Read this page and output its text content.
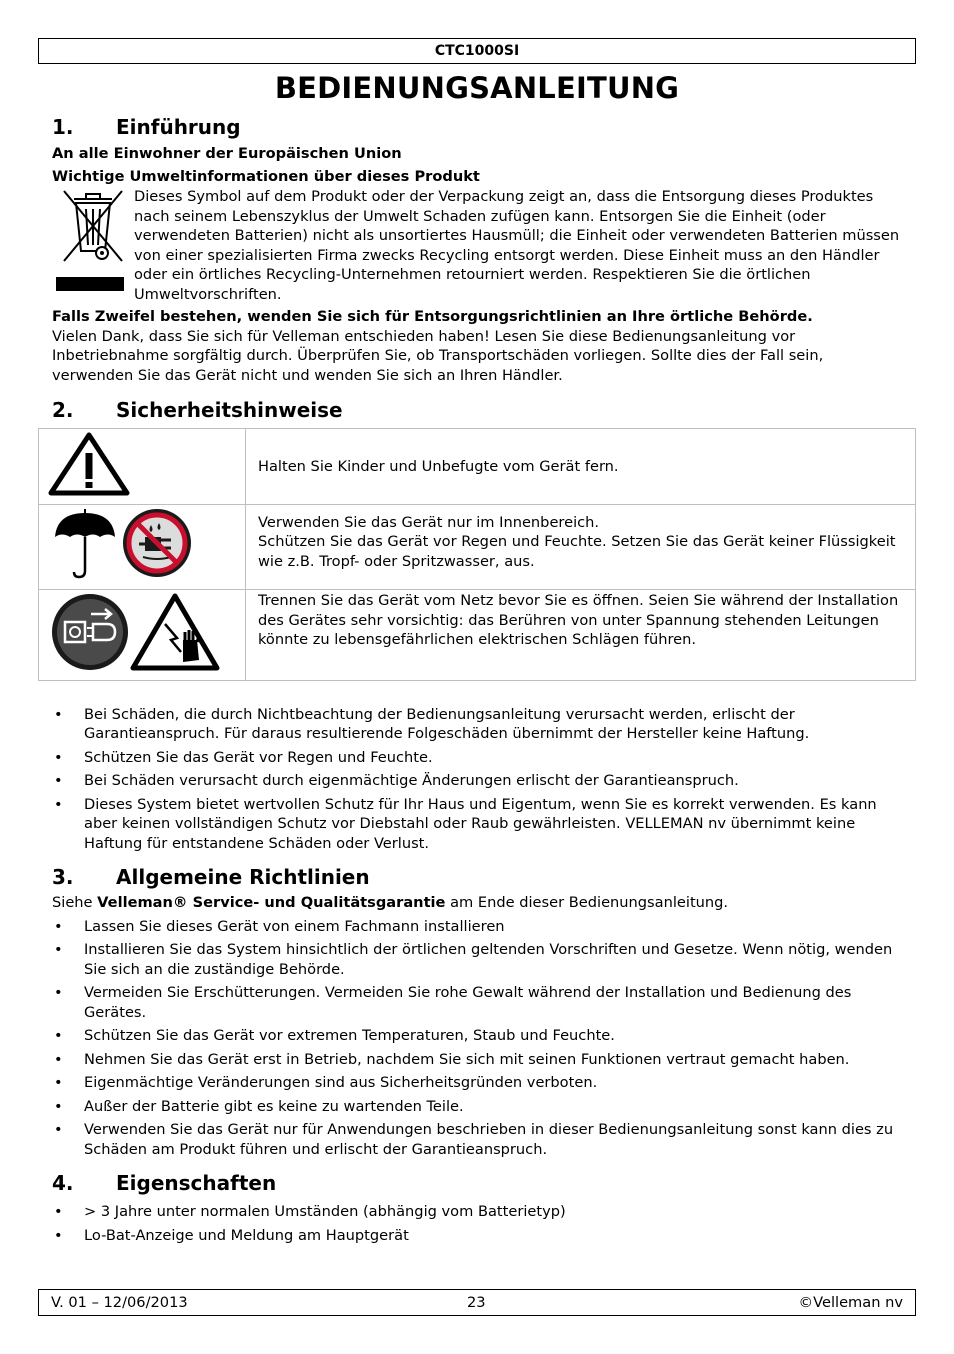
CTC1000SI
BEDIENUNGSANLEITUNG
1.	Einführung

An alle Einwohner der Europäischen Union

Wichtige Umweltinformationen über dieses Produkt

Dieses Symbol auf dem Produkt oder der Verpackung zeigt an, dass die Entsorgung dieses Produktes nach seinem Lebenszyklus der Umwelt Schaden zufügen kann. Entsorgen Sie die Einheit (oder verwendeten Batterien) nicht als unsortiertes Hausmüll; die Einheit oder verwendeten Batterien müssen von einer spezialisierten Firma zwecks Recycling entsorgt werden. Diese Einheit muss an den Händler oder ein örtliches Recycling-Unternehmen retourniert werden. Respektieren Sie die örtlichen Umweltvorschriften.

Falls Zweifel bestehen, wenden Sie sich für Entsorgungsrichtlinien an Ihre örtliche Behörde.

Vielen Dank, dass Sie sich für Velleman entschieden haben! Lesen Sie diese Bedienungsanleitung vor Inbetriebnahme sorgfältig durch. Überprüfen Sie, ob Transportschäden vorliegen. Sollte dies der Fall sein, verwenden Sie das Gerät nicht und wenden Sie sich an Ihren Händler.

2.	Sicherheitshinweise

Halten Sie Kinder und Unbefugte vom Gerät fern.

Verwenden Sie das Gerät nur im Innenbereich.

Schützen Sie das Gerät vor Regen und Feuchte. Setzen Sie das Gerät keiner Flüssigkeit wie z.B. Tropf- oder Spritzwasser, aus.

Trennen Sie das Gerät vom Netz bevor Sie es öffnen. Seien Sie während der Installation des Gerätes sehr vorsichtig: das Berühren von unter Spannung stehenden Leitungen könnte zu lebensgefährlichen elektrischen Schlägen führen.

• Bei Schäden, die durch Nichtbeachtung der Bedienungsanleitung verursacht werden, erlischt der Garantieanspruch. Für daraus resultierende Folgeschäden übernimmt der Hersteller keine Haftung.
• Schützen Sie das Gerät vor Regen und Feuchte.
• Bei Schäden verursacht durch eigenmächtige Änderungen erlischt der Garantieanspruch.
• Dieses System bietet wertvollen Schutz für Ihr Haus und Eigentum, wenn Sie es korrekt verwenden. Es kann aber keinen vollständigen Schutz vor Diebstahl oder Raub gewährleisten. VELLEMAN nv übernimmt keine Haftung für entstandene Schäden oder Verlust.
3.	Allgemeine Richtlinien

Siehe Velleman® Service- und Qualitätsgarantie am Ende dieser Bedienungsanleitung.

• Lassen Sie dieses Gerät von einem Fachmann installieren
• Installieren Sie das System hinsichtlich der örtlichen geltenden Vorschriften und Gesetze. Wenn nötig, wenden Sie sich an die zuständige Behörde.
• Vermeiden Sie Erschütterungen. Vermeiden Sie rohe Gewalt während der Installation und Bedienung des Gerätes.
• Schützen Sie das Gerät vor extremen Temperaturen, Staub und Feuchte.
• Nehmen Sie das Gerät erst in Betrieb, nachdem Sie sich mit seinen Funktionen vertraut gemacht haben.
• Eigenmächtige Veränderungen sind aus Sicherheitsgründen verboten.
• Außer der Batterie gibt es keine zu wartenden Teile.
• Verwenden Sie das Gerät nur für Anwendungen beschrieben in dieser Bedienungsanleitung sonst kann dies zu Schäden am Produkt führen und erlischt der Garantieanspruch.
4.	Eigenschaften
• > 3 Jahre unter normalen Umständen (abhängig vom Batterietyp)
• Lo-Bat-Anzeige und Meldung am Hauptgerät
V. 01 – 12/06/2013	23	©Velleman nv
